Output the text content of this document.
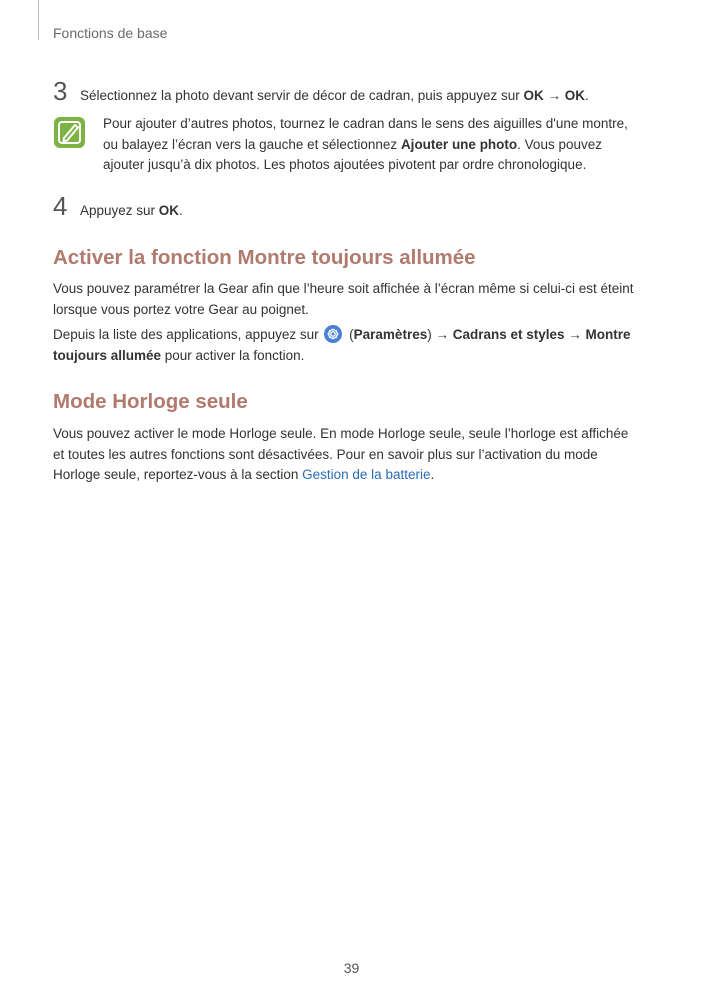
Fonctions de base
3 Sélectionnez la photo devant servir de décor de cadran, puis appuyez sur OK → OK.
Pour ajouter d’autres photos, tournez le cadran dans le sens des aiguilles d'une montre, ou balayez l’écran vers la gauche et sélectionnez Ajouter une photo. Vous pouvez ajouter jusqu’à dix photos. Les photos ajoutées pivotent par ordre chronologique.
4 Appuyez sur OK.
Activer la fonction Montre toujours allumée
Vous pouvez paramétrer la Gear afin que l’heure soit affichée à l’écran même si celui-ci est éteint lorsque vous portez votre Gear au poignet.
Depuis la liste des applications, appuyez sur  (Paramètres) → Cadrans et styles → Montre toujours allumée pour activer la fonction.
Mode Horloge seule
Vous pouvez activer le mode Horloge seule. En mode Horloge seule, seule l’horloge est affichée et toutes les autres fonctions sont désactivées. Pour en savoir plus sur l’activation du mode Horloge seule, reportez-vous à la section Gestion de la batterie.
39
